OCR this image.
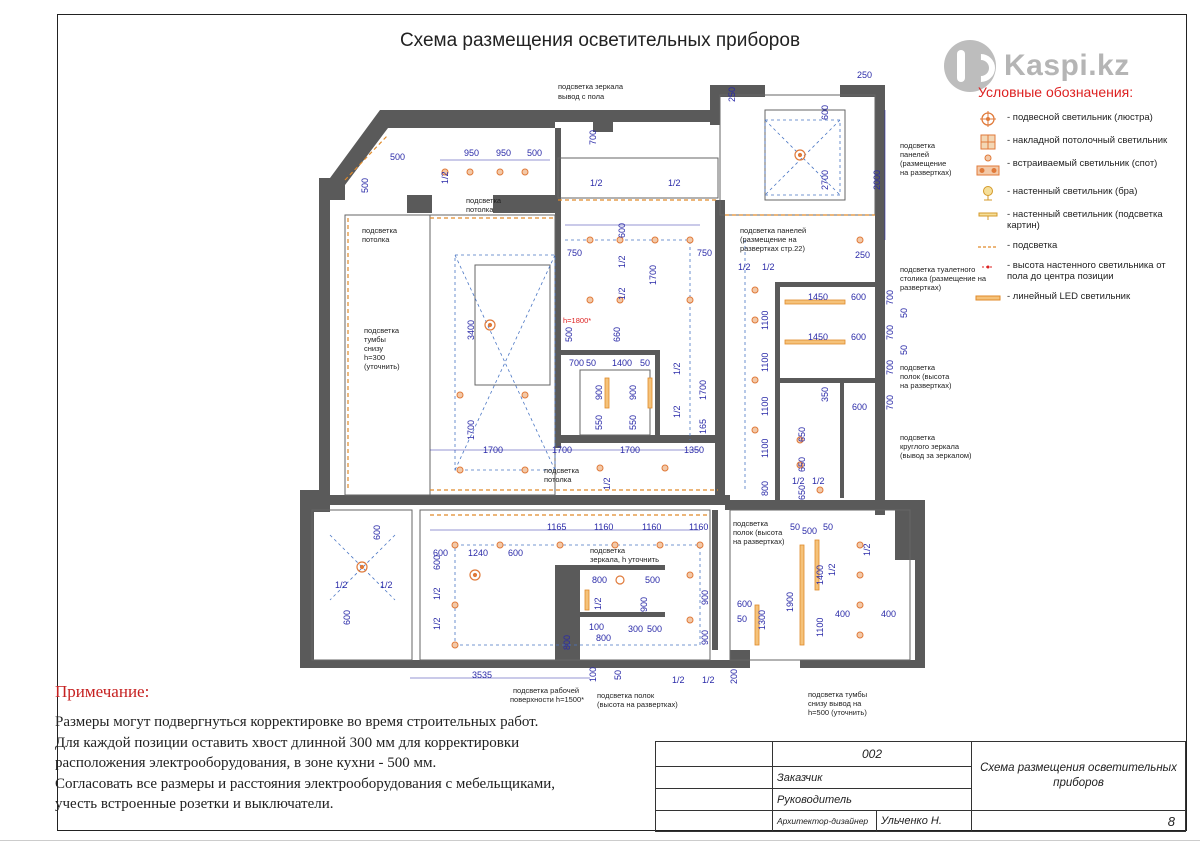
Схема размещения осветительных приборов
Kaspi.kz
Условные обозначения:
- подвесной светильник (люстра)
- накладной потолочный светильник
- встраиваемый светильник (спот)
- настенный светильник (бра)
- настенный светильник (подсветка картин)
- подсветка
- высота настенного светильника от пола до центра позиции
- линейный LED светильник
250
500	950 950 500
700
1/2	1/2
1/2
600
2700	2000
250
250
750
600
1700
750
1/2
1/2
1/2 1/2
3400
1700
500	660
700 50 1400 50
900	900
550	550
1700
1/2
1/2
165
1450	600
1450	600
1100
1100
1100
1100
800
700
50
700
50
700
700
1700	1700	1700	1350
350
600
650
650
1/2 1/2
650
1/2
1165	1160	1160	1160
600
600 1240 600
600
600
1/2	1/2
1/2
1/2
800	500
1/2	900	900
900
100	300 500
800
800
3535	100 50	1/2 1/2 200
50 500 50
1900
1400
600
50 1300	1100
400	400
1/2
1/2
500
подсветка зеркала
вывод с пола
подсветка
панелей
(размещение
на развертках)
подсветка
потолка
подсветка
потолка
подсветка панелей
(размещение на
развертках стр.22)
подсветка туалетного
столика (размещение на
развертках)
подсветка
тумбы
снизу
h=300
(уточнить)	подсветка
полок (высота
на развертках)
подсветка
круглого зеркала
(вывод за зеркалом)
подсветка
потолка
подсветка
полок (высота
на развертках)
подсветка
зеркала, h уточнить
подсветка рабочей
поверхности h=1500* подсветка полок
(высота на развертках)
подсветка тумбы
снизу вывод на
h=500 (уточнить)
h=1800*
Примечание:
Размеры могут подвергнуться корректировке во время строительных работ.
Для каждой позиции оставить хвост длинной 300 мм для корректировки
расположения электрооборудования, в зоне кухни - 500 мм.
Согласовать все размеры и расстояния электрооборудования с мебельщиками,
учесть встроенные розетки и выключатели.
	002		Схема размещения осветительных приборов
	Заказчик		
	Руководитель		
	Архитектор-дизайнер	Ульченко Н.	8
